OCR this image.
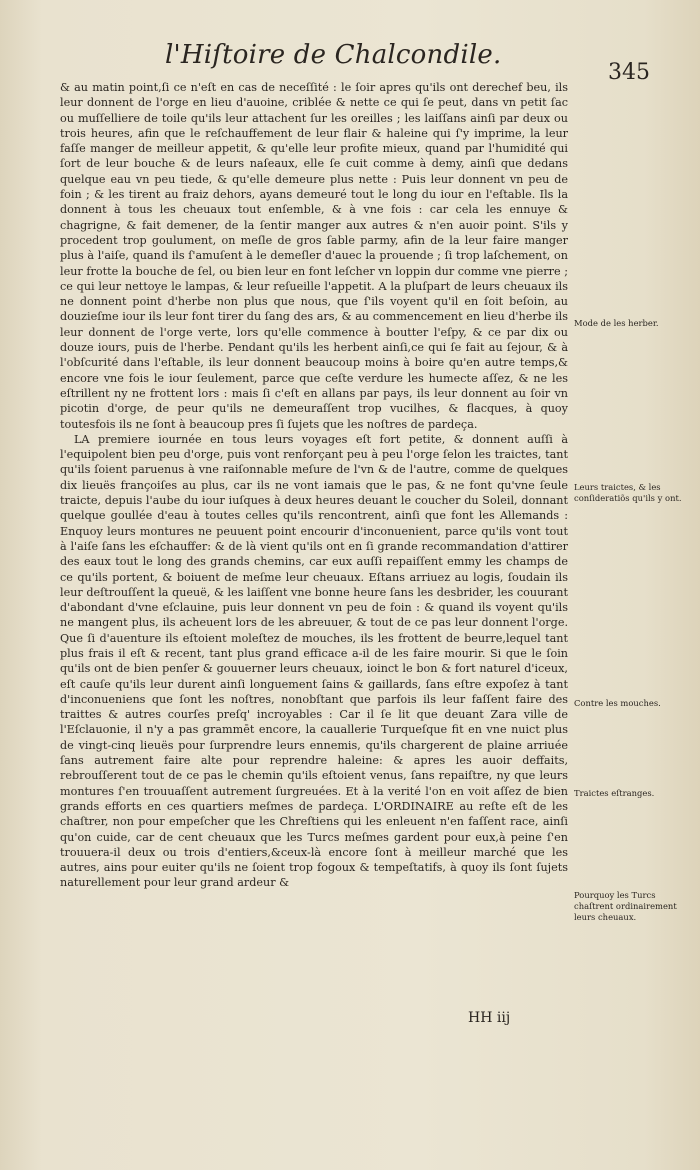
l'Hiſtoire de Chalcondile.
345

& au matin point,ſi ce n'eſt en cas de neceſſité : le ſoir apres qu'ils ont derechef beu, ils leur donnent de l'orge en lieu d'auoine, criblée & nette ce qui ſe peut, dans vn petit ſac ou muſſelliere de toile qu'ils leur attachent ſur les oreilles ; les laiſſans ainſi par deux ou trois heures, afin que le reſchauffement de leur flair & haleine qui ſ'y imprime, la leur faſſe manger de meilleur appetit, & qu'elle leur profite mieux, quand par l'humidité qui ſort de leur bouche & de leurs naſeaux, elle ſe cuit comme à demy, ainſi que dedans quelque eau vn peu tiede, & qu'elle demeure plus nette : Puis leur donnent vn peu de foin ; & les tirent au fraiz dehors, ayans demeuré tout le long du iour en l'eſtable. Ils la donnent à tous les cheuaux tout enſemble, & à vne fois : car cela les ennuye & chagrigne, & fait demener, de la ſentir manger aux autres & n'en auoir point. S'ils y procedent trop goulument, on meſle de gros ſable parmy, afin de la leur faire manger plus à l'aiſe, quand ils ſ'amuſent à le demeſler d'auec la prouende ; ſi trop laſchement, on leur frotte la bouche de ſel, ou bien leur en font leſcher vn loppin dur comme vne pierre ; ce qui leur nettoye le lampas, & leur reſueille l'appetit. A la pluſpart de leurs cheuaux ils ne donnent point d'herbe non plus que nous, que ſ'ils voyent qu'il en ſoit beſoin, au douzieſme iour ils leur font tirer du ſang des ars, & au commencement en lieu d'herbe ils leur donnent de l'orge verte, lors qu'elle commence à boutter l'eſpy, & ce par dix ou douze iours, puis de l'herbe. Pendant qu'ils les herbent ainſi,ce qui ſe fait au ſejour, & à l'obſcurité dans l'eſtable, ils leur donnent beaucoup moins à boire qu'en autre temps,& encore vne fois le iour ſeulement, parce que ceſte verdure les humecte aſſez, & ne les eſtrillent ny ne frottent lors : mais ſi c'eſt en allans par pays, ils leur donnent au ſoir vn picotin d'orge, de peur qu'ils ne demeuraſſent trop vucilhes, & flacques, à quoy toutesfois ils ne ſont à beaucoup pres ſi ſujets que les noſtres de pardeça.

LA premiere iournée en tous leurs voyages eſt fort petite, & donnent auſſi à l'equipolent bien peu d'orge, puis vont renforçant peu à peu l'orge ſelon les traictes, tant qu'ils ſoient paruenus à vne raiſonnable meſure de l'vn & de l'autre, comme de quelques dix lieuës françoiſes au plus, car ils ne vont iamais que le pas, & ne font qu'vne ſeule traicte, depuis l'aube du iour iuſques à deux heures deuant le coucher du Soleil, donnant quelque goullée d'eau à toutes celles qu'ils rencontrent, ainſi que font les Allemands : Enquoy leurs montures ne peuuent point encourir d'inconuenient, parce qu'ils vont tout à l'aiſe ſans les eſchauffer: & de là vient qu'ils ont en ſi grande recommandation d'attirer des eaux tout le long des grands chemins, car eux auſſi repaiſſent emmy les champs de ce qu'ils portent, & boiuent de meſme leur cheuaux. Eſtans arriuez au logis, ſoudain ils leur deſtrouſſent la queuë, & les laiſſent vne bonne heure ſans les desbrider, les couurant d'abondant d'vne eſclauine, puis leur donnent vn peu de foin : & quand ils voyent qu'ils ne mangent plus, ils acheuent lors de les abreuuer, & tout de ce pas leur donnent l'orge. Que ſi d'auenture ils eſtoient moleſtez de mouches, ils les frottent de beurre,lequel tant plus frais il eſt & recent, tant plus grand efficace a-il de les faire mourir. Si que le ſoin qu'ils ont de bien penſer & gouuerner leurs cheuaux, ioinct le bon & fort naturel d'iceux, eſt cauſe qu'ils leur durent ainſi longuement ſains & gaillards, ſans eſtre expoſez à tant d'inconueniens que ſont les noſtres, nonobſtant que parfois ils leur faſſent faire des traittes & autres courſes preſq' incroyables : Car il ſe lit que deuant Zara ville de l'Eſclauonie, il n'y a pas grammēt encore, la cauallerie Turqueſque fit en vne nuict plus de vingt-cinq lieuës pour ſurprendre leurs ennemis, qu'ils chargerent de plaine arriuée ſans autrement faire alte pour reprendre haleine: & apres les auoir deffaits, rebrouſſerent tout de ce pas le chemin qu'ils eſtoient venus, ſans repaiſtre, ny que leurs montures ſ'en trouuaſſent autrement ſurgreuées. Et à la verité l'on en voit aſſez de bien grands efforts en ces quartiers meſmes de pardeça. L'ORDINAIRE au reſte eſt de les chaſtrer, non pour empeſcher que les Chreſtiens qui les enleuent n'en faſſent race, ainſi qu'on cuide, car de cent cheuaux que les Turcs meſmes gardent pour eux,à peine ſ'en trouuera-il deux ou trois d'entiers,&ceux-là encore ſont à meilleur marché que les autres, ains pour euiter qu'ils ne ſoient trop fogoux & tempeſtatifs, à quoy ils ſont ſujets naturellement pour leur grand ardeur &

Mode de les herber.
Leurs traictes, & les conſideratiõs qu'ils y ont.
Contre les mouches.
Traictes eſtranges.
Pourquoy les Turcs chaſtrent ordinairement leurs cheuaux.
HH iij
